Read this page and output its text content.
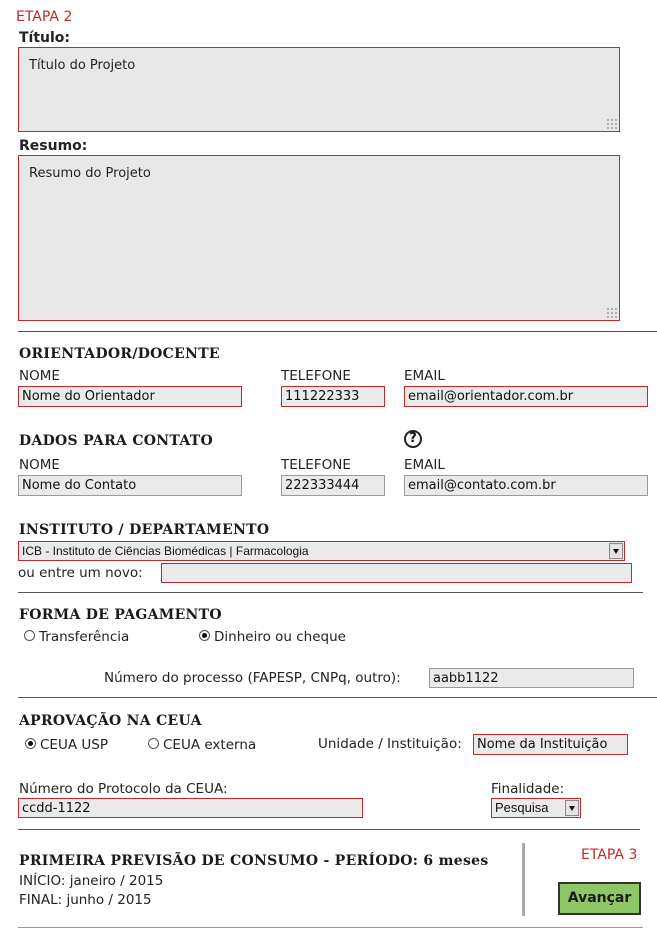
ETAPA 2
Título:
Título do Projeto
Resumo:
Resumo do Projeto
ORIENTADOR/DOCENTE
NOME	TELEFONE	EMAIL
Nome do Orientador	111222333	email@orientador.com.br
DADOS PARA CONTATO	?
NOME	TELEFONE	EMAIL
Nome do Contato	222333444	email@contato.com.br
INSTITUTO / DEPARTAMENTO
ICB - Instituto de Ciências Biomédicas | Farmacologia
ou entre um novo:
FORMA DE PAGAMENTO
Transferência	Dinheiro ou cheque
Número do processo (FAPESP, CNPq, outro):	aabb1122
APROVAÇÃO NA CEUA
CEUA USP	CEUA externa	Unidade / Instituição:	Nome da Instituição
Número do Protocolo da CEUA:
ccdd-1122
Finalidade:
Pesquisa
PRIMEIRA PREVISÃO DE CONSUMO - PERÍODO: 6 meses
INÍCIO: janeiro / 2015
FINAL: junho / 2015
ETAPA 3
Avançar
